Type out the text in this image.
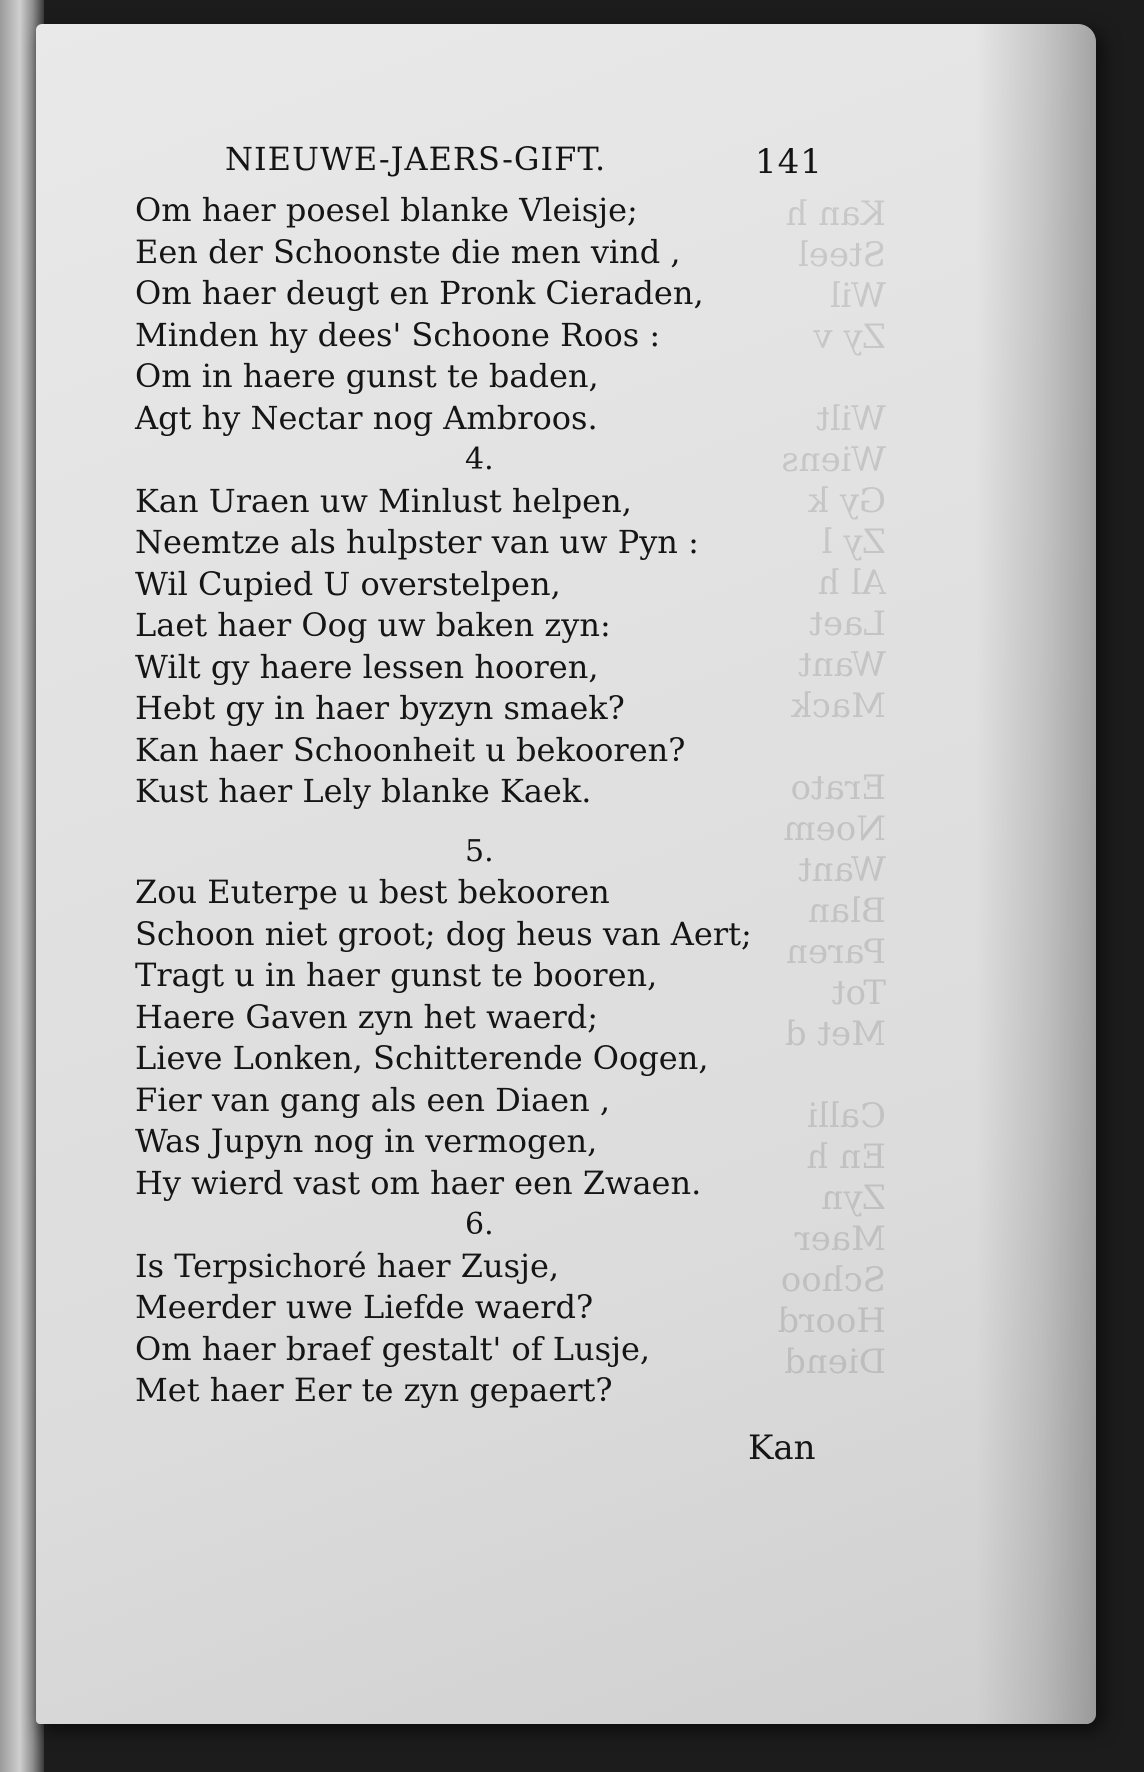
Kan h
Steel
Wil
Zy v

Wilt
Wiens
Gy k
Zy l
Al h
Laet
Want
Mack

Erato
Noem
Want
Blan
Paren
Tot
Met d

Calli
En h
Zyn
Maer
Schoo
Hoord
Diend
NIEUWE-JAERS-GIFT.	141
Om haer poesel blanke Vleisje;
Een der Schoonste die men vind ,
Om haer deugt en Pronk Cieraden,
Minden hy dees' Schoone Roos :
Om in haere gunst te baden,
Agt hy Nectar nog Ambroos.
4.
Kan Uraen uw Minlust helpen,
Neemtze als hulpster van uw Pyn :
Wil Cupied U overstelpen,
Laet haer Oog uw baken zyn:
Wilt gy haere lessen hooren,
Hebt gy in haer byzyn smaek?
Kan haer Schoonheit u bekooren?
Kust haer Lely blanke Kaek.
5.
Zou Euterpe u best bekooren
Schoon niet groot; dog heus van Aert;
Tragt u in haer gunst te booren,
Haere Gaven zyn het waerd;
Lieve Lonken, Schitterende Oogen,
Fier van gang als een Diaen ,
Was Jupyn nog in vermogen,
Hy wierd vast om haer een Zwaen.
6.
Is Terpsichoré haer Zusje,
Meerder uwe Liefde waerd?
Om haer braef gestalt' of Lusje,
Met haer Eer te zyn gepaert?
Kan
